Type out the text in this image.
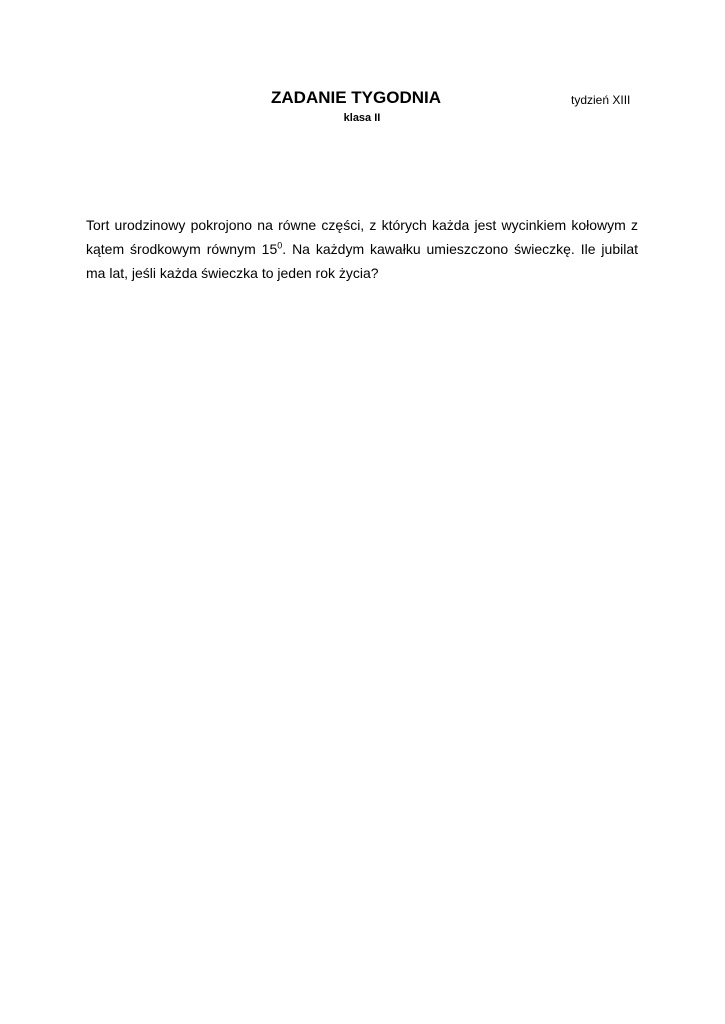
ZADANIE TYGODNIA	tydzień XIII

klasa II

Tort urodzinowy pokrojono na równe części, z których każda jest wycinkiem kołowym z kątem środkowym równym $15^0$. Na każdym kawałku umieszczono świeczkę. Ile jubilat ma lat, jeśli każda świeczka to jeden rok życia?
